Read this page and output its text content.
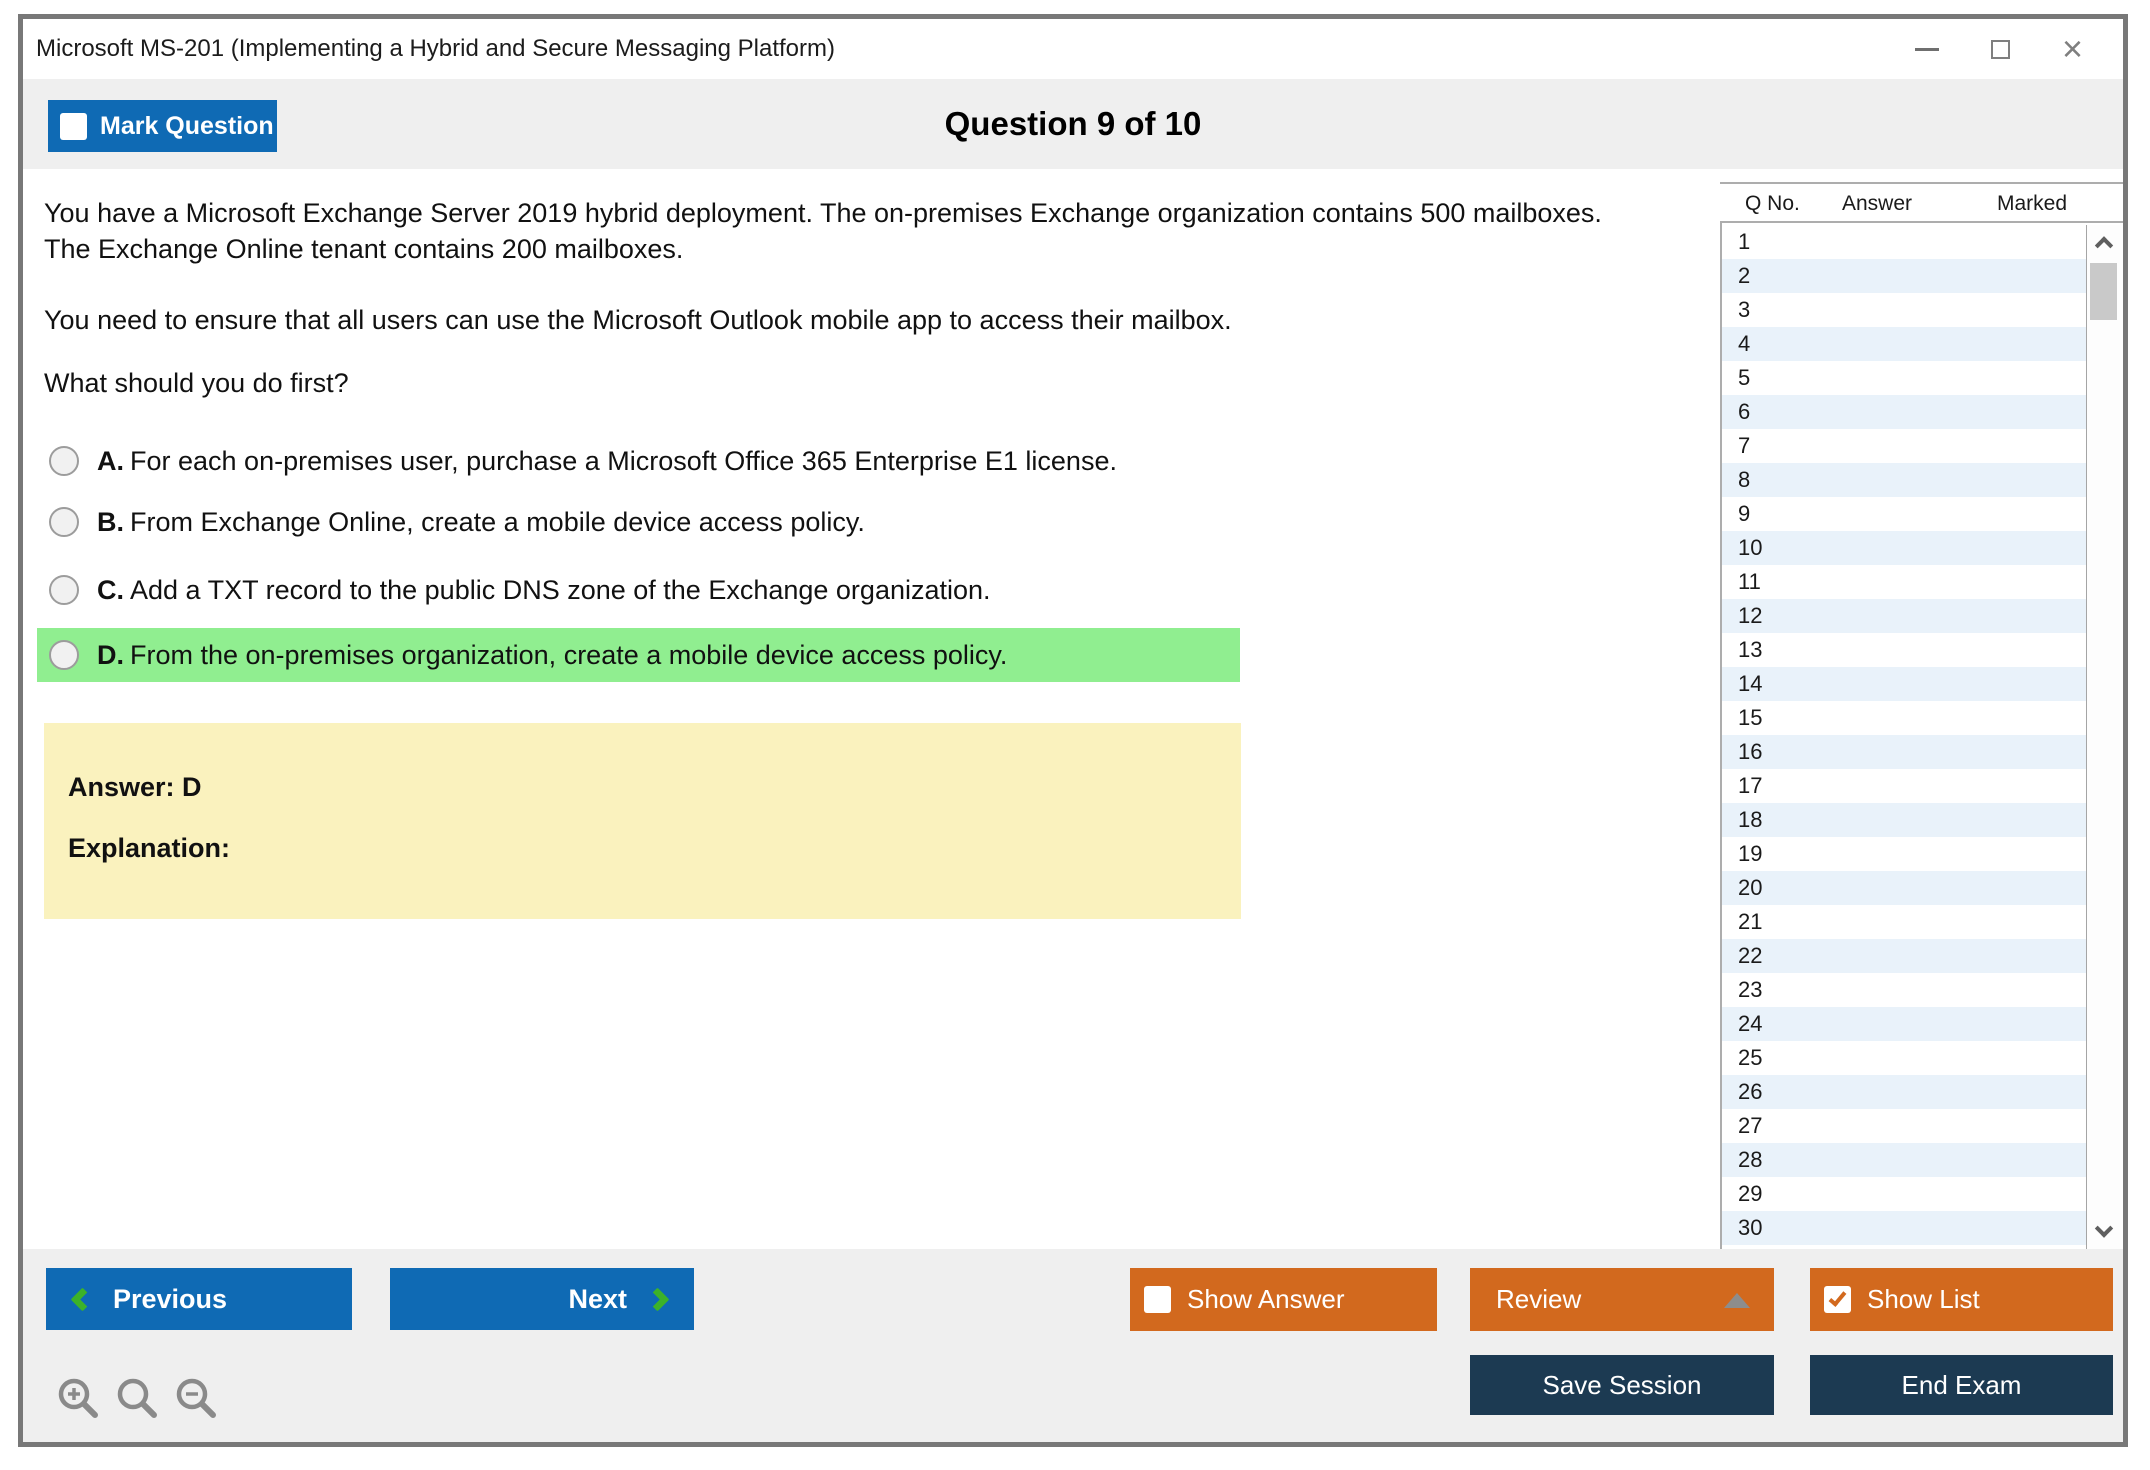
Microsoft MS-201 (Implementing a Hybrid and Secure Messaging Platform)	×
Question 9 of 10
Mark Question

You have a Microsoft Exchange Server 2019 hybrid deployment. The on-premises Exchange organization contains 500 mailboxes. The Exchange Online tenant contains 200 mailboxes.

You need to ensure that all users can use the Microsoft Outlook mobile app to access their mailbox.

What should you do first?

A. For each on-premises user, purchase a Microsoft Office 365 Enterprise E1 license.
B. From Exchange Online, create a mobile device access policy.
C. Add a TXT record to the public DNS zone of the Exchange organization.
D. From the on-premises organization, create a mobile device access policy.
Answer: D
Explanation:
Q No. Answer	Marked
1
2
3
4
5
6
7
8
9
10
11
12
13
14
15
16
17
18
19
20
21
22
23
24
25
26
27
28
29
30
Previous	Next	Show Answer	Review	Show List
Save Session	End Exam
